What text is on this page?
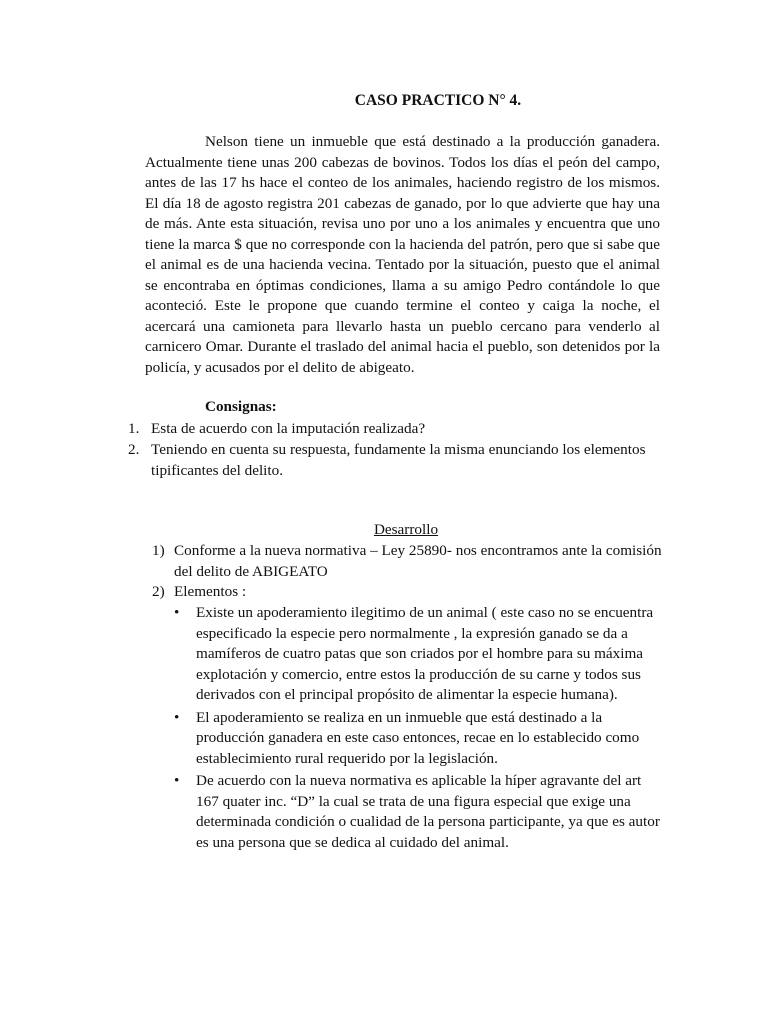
CASO PRACTICO N° 4.

Nelson tiene un inmueble que está destinado a la producción ganadera. Actualmente tiene unas 200 cabezas de bovinos. Todos los días el peón del campo, antes de las 17 hs hace el conteo de los animales, haciendo registro de los mismos. El día 18 de agosto registra 201 cabezas de ganado, por lo que advierte que hay una de más. Ante esta situación, revisa uno por uno a los animales y encuentra que uno tiene la marca $ que no corresponde con la hacienda del patrón, pero que si sabe que el animal es de una hacienda vecina. Tentado por la situación, puesto que el animal se encontraba en óptimas condiciones, llama a su amigo Pedro contándole lo que aconteció. Este le propone que cuando termine el conteo y caiga la noche, el acercará una camioneta para llevarlo hasta un pueblo cercano para venderlo al carnicero Omar. Durante el traslado del animal hacia el pueblo, son detenidos por la policía, y acusados por el delito de abigeato.

Consignas:
1. Esta de acuerdo con la imputación realizada?
2. Teniendo en cuenta su respuesta, fundamente la misma enunciando los elementos tipificantes del delito.
Desarrollo
1) Conforme a la nueva normativa – Ley 25890- nos encontramos ante la comisión del delito de ABIGEATO
2) Elementos :
• Existe un apoderamiento ilegitimo de un animal ( este caso no se encuentra especificado la especie pero normalmente , la expresión ganado se da a mamíferos de cuatro patas que son criados por el hombre para su máxima explotación y comercio, entre estos la producción de su carne y todos sus derivados con el principal propósito de alimentar la especie humana).
• El apoderamiento se realiza en un inmueble que está destinado a la producción ganadera en este caso entonces, recae en lo establecido como establecimiento rural requerido por la legislación.
• De acuerdo con la nueva normativa es aplicable la híper agravante del art 167 quater inc. “D” la cual se trata de una figura especial que exige una determinada condición o cualidad de la persona participante, ya que es autor es una persona que se dedica al cuidado del animal.
